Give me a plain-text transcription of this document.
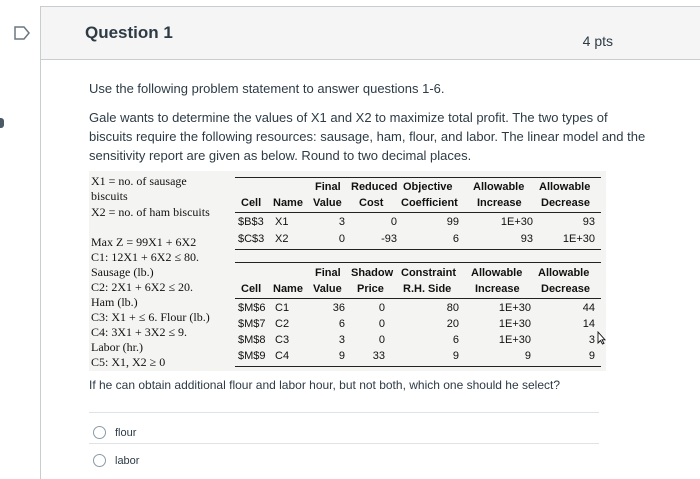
Question 1	4 pts
Use the following problem statement to answer questions 1-6.
Gale wants to determine the values of X1 and X2 to maximize total profit. The two types of
biscuits require the following resources: sausage, ham, flour, and labor. The linear model and the
sensitivity report are given as below. Round to two decimal places.
X1 = no. of sausage
biscuits
X2 = no. of ham biscuits
Max Z = 99X1 + 6X2
C1: 12X1 + 6X2 ≤ 80.
Sausage (lb.)
C2: 2X1 + 6X2 ≤ 20.
Ham (lb.)
C3: X1 + ≤ 6. Flour (lb.)
C4: 3X1 + 3X2 ≤ 9.
Labor (hr.)
C5: X1, X2 ≥ 0
Final Reduced Objective Allowable Allowable
Cell Name Value Cost Coefficient Increase Decrease
$B$3 X1	3	0	99	1E+30	93
$C$3 X2	0	-93	6	93	1E+30
Final Shadow Constraint Allowable Allowable
Cell Name Value Price R.H. Side Increase Decrease
$M$6 C1	36	0	80	1E+30	44
$M$7 C2	6	0	20	1E+30	14
$M$8 C3	3	0	6	1E+30	3
$M$9 C4	9	33	9	9	9
If he can obtain additional flour and labor hour, but not both, which one should he select?
flour
labor
